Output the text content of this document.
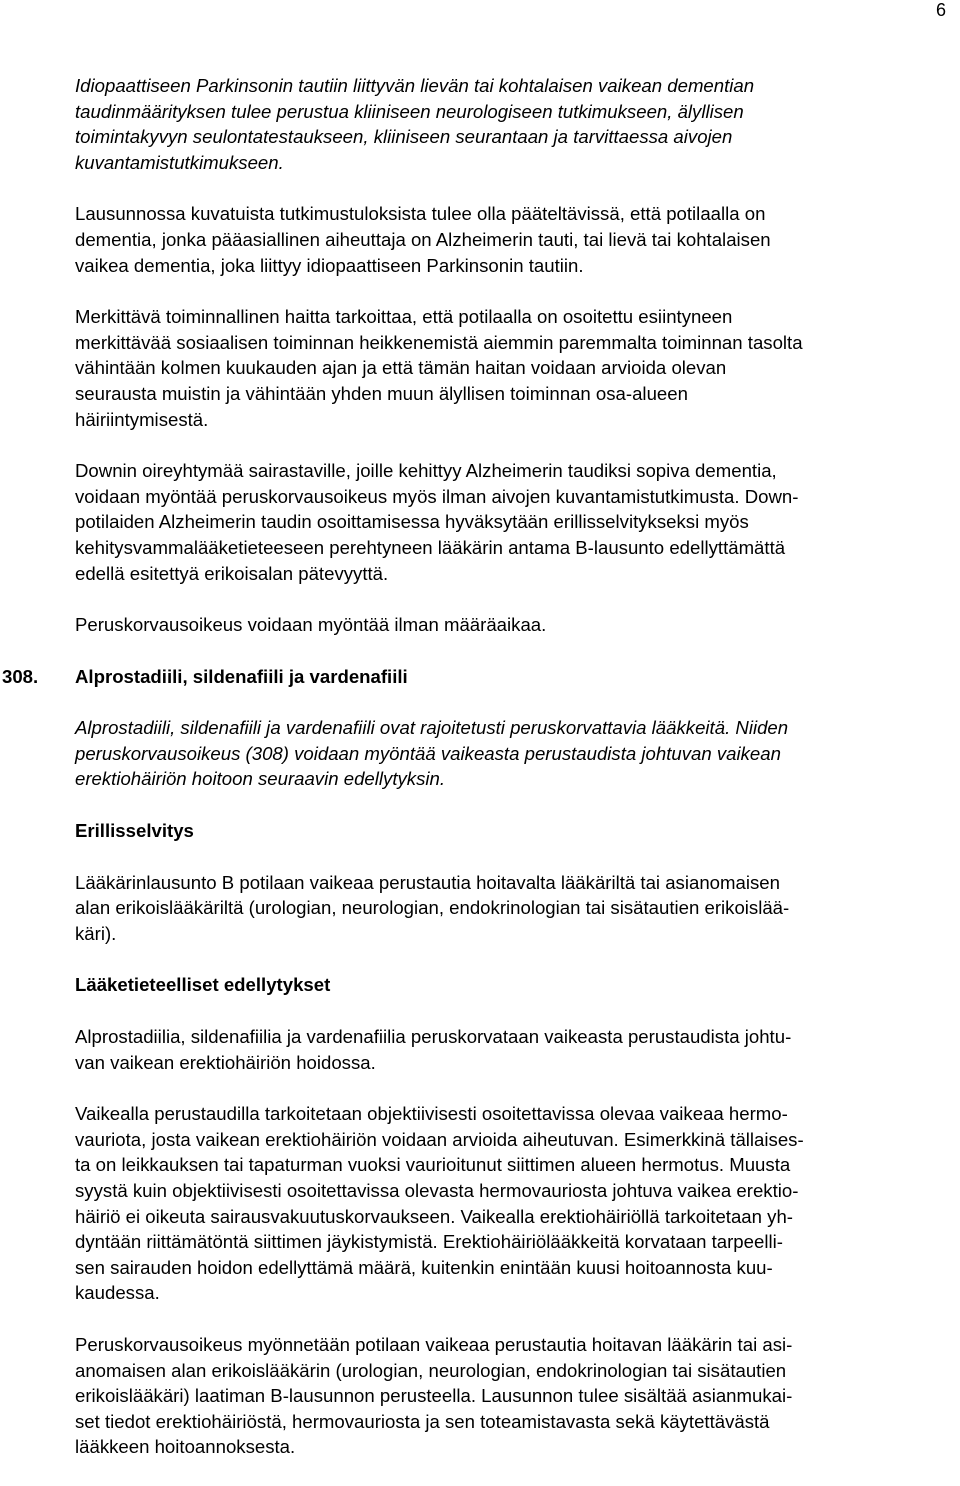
6
Idiopaattiseen Parkinsonin tautiin liittyvän lievän tai kohtalaisen vaikean dementian
taudinmäärityksen tulee perustua kliiniseen neurologiseen tutkimukseen, älyllisen
toimintakyvyn seulontatestaukseen, kliiniseen seurantaan ja tarvittaessa aivojen
kuvantamistutkimukseen.
Lausunnossa kuvatuista tutkimustuloksista tulee olla pääteltävissä, että potilaalla on
dementia, jonka pääasiallinen aiheuttaja on Alzheimerin tauti, tai lievä tai kohtalaisen
vaikea dementia, joka liittyy idiopaattiseen Parkinsonin tautiin.
Merkittävä toiminnallinen haitta tarkoittaa, että potilaalla on osoitettu esiintyneen
merkittävää sosiaalisen toiminnan heikkenemistä aiemmin paremmalta toiminnan tasolta
vähintään kolmen kuukauden ajan ja että tämän haitan voidaan arvioida olevan
seurausta muistin ja vähintään yhden muun älyllisen toiminnan osa-alueen
häiriintymisestä.
Downin oireyhtymää sairastaville, joille kehittyy Alzheimerin taudiksi sopiva dementia,
voidaan myöntää peruskorvausoikeus myös ilman aivojen kuvantamistutkimusta. Down-
potilaiden Alzheimerin taudin osoittamisessa hyväksytään erillisselvitykseksi myös
kehitysvammalääketieteeseen perehtyneen lääkärin antama B-lausunto edellyttämättä
edellä esitettyä erikoisalan pätevyyttä.
Peruskorvausoikeus voidaan myöntää ilman määräaikaa.
308. Alprostadiili, sildenafiili ja vardenafiili
Alprostadiili, sildenafiili ja vardenafiili ovat rajoitetusti peruskorvattavia lääkkeitä. Niiden
peruskorvausoikeus (308) voidaan myöntää vaikeasta perustaudista johtuvan vaikean
erektiohäiriön hoitoon seuraavin edellytyksin.
Erillisselvitys
Lääkärinlausunto B potilaan vaikeaa perustautia hoitavalta lääkäriltä tai asianomaisen
alan erikoislääkäriltä (urologian, neurologian, endokrinologian tai sisätautien erikoislää-
käri).
Lääketieteelliset edellytykset
Alprostadiilia, sildenafiilia ja vardenafiilia peruskorvataan vaikeasta perustaudista johtu-
van vaikean erektiohäiriön hoidossa.
Vaikealla perustaudilla tarkoitetaan objektiivisesti osoitettavissa olevaa vaikeaa hermo-
vauriota, josta vaikean erektiohäiriön voidaan arvioida aiheutuvan. Esimerkkinä tällaises-
ta on leikkauksen tai tapaturman vuoksi vaurioitunut siittimen alueen hermotus. Muusta
syystä kuin objektiivisesti osoitettavissa olevasta hermovauriosta johtuva vaikea erektio-
häiriö ei oikeuta sairausvakuutuskorvaukseen. Vaikealla erektiohäiriöllä tarkoitetaan yh-
dyntään riittämätöntä siittimen jäykistymistä. Erektiohäiriölääkkeitä korvataan tarpeelli-
sen sairauden hoidon edellyttämä määrä, kuitenkin enintään kuusi hoitoannosta kuu-
kaudessa.
Peruskorvausoikeus myönnetään potilaan vaikeaa perustautia hoitavan lääkärin tai asi-
anomaisen alan erikoislääkärin (urologian, neurologian, endokrinologian tai sisätautien
erikoislääkäri) laatiman B-lausunnon perusteella. Lausunnon tulee sisältää asianmukai-
set tiedot erektiohäiriöstä, hermovauriosta ja sen toteamistavasta sekä käytettävästä
lääkkeen hoitoannoksesta.
